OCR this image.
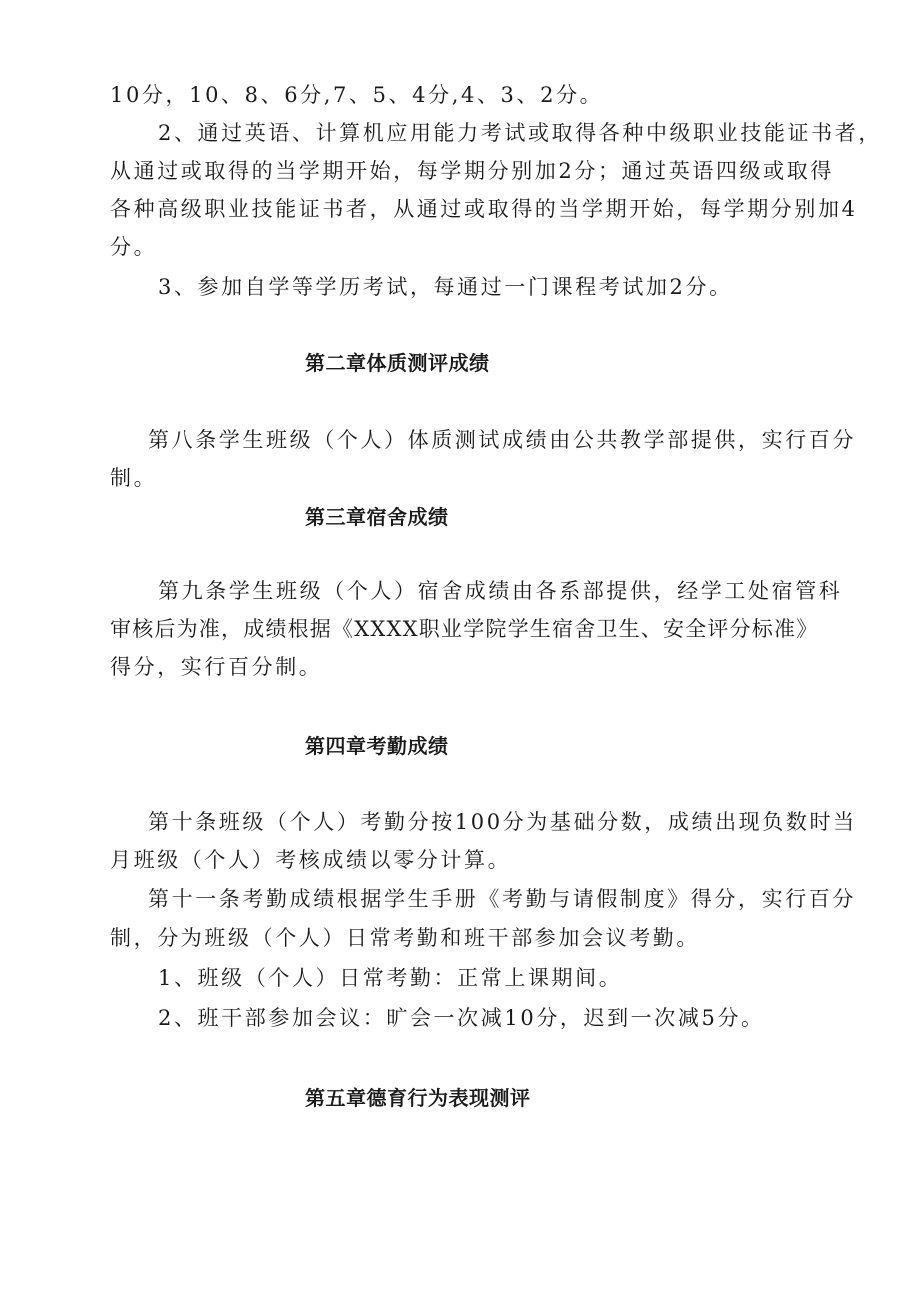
10分，10、8、6分,7、5、4分,4、3、2分。
2、通过英语、计算机应用能力考试或取得各种中级职业技能证书者，
从通过或取得的当学期开始，每学期分别加2分；通过英语四级或取得
各种高级职业技能证书者，从通过或取得的当学期开始，每学期分别加4
分。
3、参加自学等学历考试，每通过一门课程考试加2分。
第二章体质测评成绩
第八条学生班级（个人）体质测试成绩由公共教学部提供，实行百分
制。
第三章宿舍成绩
第九条学生班级（个人）宿舍成绩由各系部提供，经学工处宿管科
审核后为准，成绩根据《XXXX职业学院学生宿舍卫生、安全评分标准》
得分，实行百分制。
第四章考勤成绩
第十条班级（个人）考勤分按100分为基础分数，成绩出现负数时当
月班级（个人）考核成绩以零分计算。
第十一条考勤成绩根据学生手册《考勤与请假制度》得分，实行百分
制，分为班级（个人）日常考勤和班干部参加会议考勤。
1、班级（个人）日常考勤：正常上课期间。
2、班干部参加会议：旷会一次减10分，迟到一次减5分。
第五章德育行为表现测评
